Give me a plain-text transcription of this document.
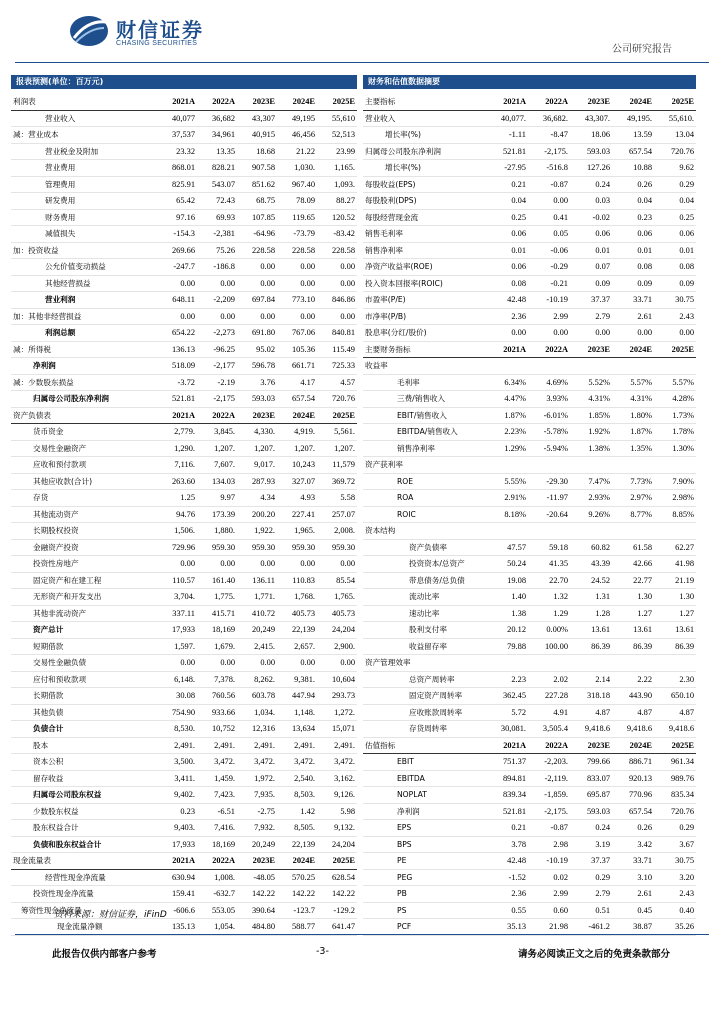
财信证券
CHASING SECURITIES
公司研究报告
报表预测(单位：百万元)
利润表	2021A	2022A	2023E	2024E	2025E
营业收入	40,077	36,682	43,307	49,195	55,610
减：营业成本	37,537	34,961	40,915	46,456	52,513
营业税金及附加	23.32	13.35	18.68	21.22	23.99
营业费用	868.01	828.21	907.58	1,030.	1,165.
管理费用	825.91	543.07	851.62	967.40	1,093.
研发费用	65.42	72.43	68.75	78.09	88.27
财务费用	97.16	69.93	107.85	119.65	120.52
减值损失	-154.3	-2,381	-64.96	-73.79	-83.42
加：投资收益	269.66	75.26	228.58	228.58	228.58
公允价值变动损益	-247.7	-186.8	0.00	0.00	0.00
其他经营损益	0.00	0.00	0.00	0.00	0.00
营业利润	648.11	-2,209	697.84	773.10	846.86
加：其他非经营损益	0.00	0.00	0.00	0.00	0.00
利润总额	654.22	-2,273	691.80	767.06	840.81
减：所得税	136.13	-96.25	95.02	105.36	115.49
净利润	518.09	-2,177	596.78	661.71	725.33
减：少数股东损益	-3.72	-2.19	3.76	4.17	4.57
归属母公司股东净利润	521.81	-2,175	593.03	657.54	720.76
资产负债表	2021A	2022A	2023E	2024E	2025E
货币资金	2,779.	3,845.	4,330.	4,919.	5,561.
交易性金融资产	1,290.	1,207.	1,207.	1,207.	1,207.
应收和预付款项	7,116.	7,607.	9,017.	10,243	11,579
其他应收款(合计)	263.60	134.03	287.93	327.07	369.72
存货	1.25	9.97	4.34	4.93	5.58
其他流动资产	94.76	173.39	200.20	227.41	257.07
长期股权投资	1,506.	1,880.	1,922.	1,965.	2,008.
金融资产投资	729.96	959.30	959.30	959.30	959.30
投资性房地产	0.00	0.00	0.00	0.00	0.00
固定资产和在建工程	110.57	161.40	136.11	110.83	85.54
无形资产和开发支出	3,704.	1,775.	1,771.	1,768.	1,765.
其他非流动资产	337.11	415.71	410.72	405.73	405.73
资产总计	17,933	18,169	20,249	22,139	24,204
短期借款	1,597.	1,679.	2,415.	2,657.	2,900.
交易性金融负债	0.00	0.00	0.00	0.00	0.00
应付和预收款项	6,148.	7,378.	8,262.	9,381.	10,604
长期借款	30.08	760.56	603.78	447.94	293.73
其他负债	754.90	933.66	1,034.	1,148.	1,272.
负债合计	8,530.	10,752	12,316	13,634	15,071
股本	2,491.	2,491.	2,491.	2,491.	2,491.
资本公积	3,500.	3,472.	3,472.	3,472.	3,472.
留存收益	3,411.	1,459.	1,972.	2,540.	3,162.
归属母公司股东权益	9,402.	7,423.	7,935.	8,503.	9,126.
少数股东权益	0.23	-6.51	-2.75	1.42	5.98
股东权益合计	9,403.	7,416.	7,932.	8,505.	9,132.
负债和股东权益合计	17,933	18,169	20,249	22,139	24,204
现金流量表	2021A	2022A	2023E	2024E	2025E
经营性现金净流量	630.94	1,008.	-48.05	570.25	628.54
投资性现金净流量	159.41	-632.7	142.22	142.22	142.22
筹资性现金净流量	-606.6	553.05	390.64	-123.7	-129.2
现金流量净额	135.13	1,054.	484.80	588.77	641.47
财务和估值数据摘要
主要指标	2021A	2022A	2023E	2024E	2025E
营业收入	40,077.	36,682.	43,307.	49,195.	55,610.
增长率(%)	-1.11	-8.47	18.06	13.59	13.04
归属母公司股东净利润	521.81	-2,175.	593.03	657.54	720.76
增长率(%)	-27.95	-516.8	127.26	10.88	9.62
每股收益(EPS)	0.21	-0.87	0.24	0.26	0.29
每股股利(DPS)	0.04	0.00	0.03	0.04	0.04
每股经营现金流	0.25	0.41	-0.02	0.23	0.25
销售毛利率	0.06	0.05	0.06	0.06	0.06
销售净利率	0.01	-0.06	0.01	0.01	0.01
净资产收益率(ROE)	0.06	-0.29	0.07	0.08	0.08
投入资本回报率(ROIC)	0.08	-0.21	0.09	0.09	0.09
市盈率(P/E)	42.48	-10.19	37.37	33.71	30.75
市净率(P/B)	2.36	2.99	2.79	2.61	2.43
股息率(分红/股价)	0.00	0.00	0.00	0.00	0.00
主要财务指标	2021A	2022A	2023E	2024E	2025E
收益率					
毛利率	6.34%	4.69%	5.52%	5.57%	5.57%
三费/销售收入	4.47%	3.93%	4.31%	4.31%	4.28%
EBIT/销售收入	1.87%	-6.01%	1.85%	1.80%	1.73%
EBITDA/销售收入	2.23%	-5.78%	1.92%	1.87%	1.78%
销售净利率	1.29%	-5.94%	1.38%	1.35%	1.30%
资产获利率					
ROE	5.55%	-29.30	7.47%	7.73%	7.90%
ROA	2.91%	-11.97	2.93%	2.97%	2.98%
ROIC	8.18%	-20.64	9.26%	8.77%	8.85%
资本结构					
资产负债率	47.57	59.18	60.82	61.58	62.27
投资资本/总资产	50.24	41.35	43.39	42.66	41.98
带息债务/总负债	19.08	22.70	24.52	22.77	21.19
流动比率	1.40	1.32	1.31	1.30	1.30
速动比率	1.38	1.29	1.28	1.27	1.27
股利支付率	20.12	0.00%	13.61	13.61	13.61
收益留存率	79.88	100.00	86.39	86.39	86.39
资产管理效率					
总资产周转率	2.23	2.02	2.14	2.22	2.30
固定资产周转率	362.45	227.28	318.18	443.90	650.10
应收账款周转率	5.72	4.91	4.87	4.87	4.87
存货周转率	30,081.	3,505.4	9,418.6	9,418.6	9,418.6
估值指标	2021A	2022A	2023E	2024E	2025E
EBIT	751.37	-2,203.	799.66	886.71	961.34
EBITDA	894.81	-2,119.	833.07	920.13	989.76
NOPLAT	839.34	-1,859.	695.87	770.96	835.34
净利润	521.81	-2,175.	593.03	657.54	720.76
EPS	0.21	-0.87	0.24	0.26	0.29
BPS	3.78	2.98	3.19	3.42	3.67
PE	42.48	-10.19	37.37	33.71	30.75
PEG	-1.52	0.02	0.29	3.10	3.20
PB	2.36	2.99	2.79	2.61	2.43
PS	0.55	0.60	0.51	0.45	0.40
PCF	35.13	21.98	-461.2	38.87	35.26
资料来源：财信证券，iFinD
此报告仅供内部客户参考	-3-	请务必阅读正文之后的免责条款部分
